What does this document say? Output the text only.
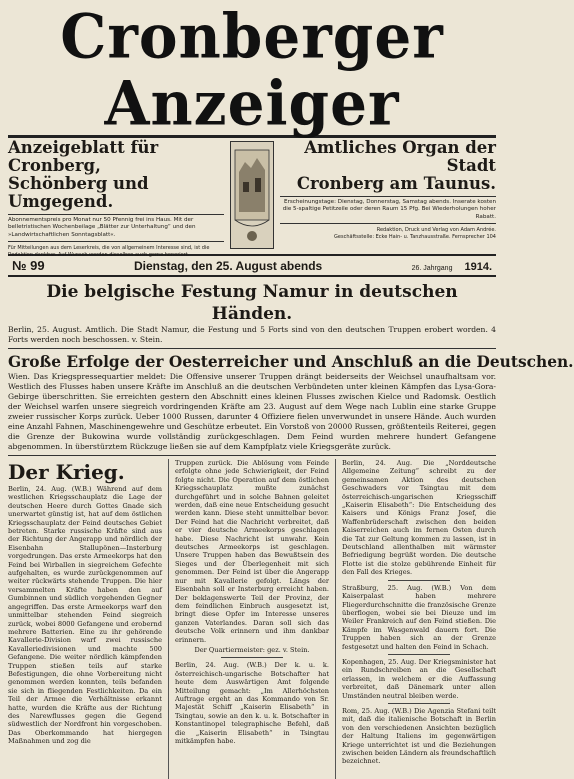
Cronberger Anzeiger
Anzeigeblatt für Cronberg,
Schönberg und Umgegend.
Abonnementspreis pro Monat nur 50 Pfennig frei ins Haus. Mit der belletristischen Wochenbeilage „Blätter zur Unterhaltung“ und den »Landwirtschaftlichen Sonntagsblatt«.
Für Mitteilungen aus dem Leserkreis, die von allgemeinem Interesse sind, ist die Redaktion dankbar. Auf Wunsch werden dieselben auch gerne honoriert.
Amtliches Organ der Stadt
Cronberg am Taunus.
Erscheinungstage: Dienstag, Donnerstag, Samstag abends. Inserate kosten die 5-spaltige Petitzeile oder deren Raum 15 Pfg. Bei Wiederholungen hoher Rabatt.
Redaktion, Druck und Verlag von Adam Andrée.
Geschäftsstelle: Ecke Hain- u. Tanzhausstraße. Fernsprecher 104
№ 99	Dienstag, den 25. August abends	26. Jahrgang 1914.
Die belgische Festung Namur in deutschen Händen.
Berlin, 25. August. Amtlich. Die Stadt Namur, die Festung und 5 Forts sind von den deutschen Truppen erobert worden. 4 Forts werden noch beschossen. v. Stein.
Große Erfolge der Oesterreicher und Anschluß an die Deutschen.
Wien. Das Kriegspressequartier meldet: Die Offensive unserer Truppen drängt beiderseits der Weichsel unaufhaltsam vor. Westlich des Flusses haben unsere Kräfte im Anschluß an die deutschen Verbündeten unter kleinen Kämpfen das Lysa-Gora-Gebirge überschritten. Sie erreichten gestern den Abschnitt eines kleinen Flusses zwischen Kielce und Radomsk. Oestlich der Weichsel warfen unsere siegreich vordringenden Kräfte am 23. August auf dem Wege nach Lublin eine starke Gruppe zweier russischer Korps zurück. Ueber 1000 Russen, darunter 4 Offiziere fielen unverwundet in unsere Hände. Auch wurden eine Anzahl Fahnen, Maschinengewehre und Geschütze erbeutet. Ein Vorstoß von 20000 Russen, größtenteils Reiterei, gegen die Grenze der Bukowina wurde vollständig zurückgeschlagen. Dem Feind wurden mehrere hundert Gefangene abgenommen. In überstürztem Rückzuge ließen sie auf dem Kampfplatz viele Kriegsgeräte zurück.
Der Krieg.
Berlin, 24. Aug. (W.B.) Während auf dem westlichen Kriegsschauplatz die Lage der deutschen Heere durch Gottes Gnade sich unerwartet günstig ist, hat auf dem östlichen Kriegsschauplatz der Feind deutsches Gebiet betreten. Starke russische Kräfte sind aus der Richtung der Angerapp und nördlich der Eisenbahn Stallupönen—Insterburg vorgedrungen. Das erste Armeekorps hat den Feind bei Wirballen in siegreichem Gefechte aufgehalten, es wurde zurückgenommen auf weiter rückwärts stehende Truppen. Die hier versammelten Kräfte haben den auf Gumbinnen und südlich vorgehenden Gegner angegriffen. Das erste Armeekorps warf den unmittelbar stehenden Feind siegreich zurück, wobei 8000 Gefangene und erobernd mehrere Batterien. Eine zu ihr gehörende Kavallerie-Division warf zwei russische Kavalleriedivisionen und machte 500 Gefangene. Die weiter nördlich kämpfenden Truppen stießen teils auf starke Befestigungen, die ohne Vorbereitung nicht genommen werden konnten, teils befanden sie sich in fliegenden Festlichkeiten. Da ein Teil der Armee die Verhältnisse erkannt hatte, wurden die Kräfte aus der Richtung des Narewflusses gegen die Gegend südwestlich der Nordfront hin vorgeschoben. Das Oberkommando hat hiergegen Maßnahmen und zog die
Truppen zurück. Die Ablösung vom Feinde erfolgte ohne jede Schwierigkeit, der Feind folgte nicht. Die Operation auf dem östlichen Kriegsschauplatz mußte zunächst durchgeführt und in solche Bahnen geleitet werden, daß eine neue Entscheidung gesucht werden kann. Diese steht unmittelbar bevor. Der Feind hat die Nachricht verbreitet, daß er vier deutsche Armeekorps geschlagen habe. Diese Nachricht ist unwahr. Kein deutsches Armeekorps ist geschlagen. Unsere Truppen haben das Bewußtsein des Sieges und der Überlegenheit mit sich genommen. Der Feind ist über die Angerapp nur mit Kavallerie gefolgt. Längs der Eisenbahn soll er Insterburg erreicht haben. Der beklagenswerte Teil der Provinz, der dem feindlichen Einbruch ausgesetzt ist, bringt diese Opfer im Interesse unseres ganzen Vaterlandes. Daran soll sich das deutsche Volk erinnern und ihm dankbar erinnern.
Der Quartiermeister: gez. v. Stein.
Berlin, 24. Aug. (W.B.) Der k. u. k. österreichisch-ungarische Botschafter hat heute dem Auswärtigen Amt folgende Mitteilung gemacht: „Im Allerhöchsten Auftrage ergeht an das Kommando von Sr. Majestät Schiff „Kaiserin Elisabeth“ in Tsingtau, sowie an den k. u. k. Botschafter in Konstantinopel telegraphische Befehl, daß die „Kaiserin Elisabeth“ in Tsingtau mitkämpfen habe.
Berlin, 24. Aug. Die „Norddeutsche Allgemeine Zeitung“ schreibt zu der gemeinsamen Aktion des deutschen Geschwaders vor Tsingtau mit dem österreichisch-ungarischen Kriegsschiff „Kaiserin Elisabeth“: Die Entscheidung des Kaisers und Königs Franz Josef, die Waffenbrüderschaft zwischen den beiden Kaiserreichen auch im fernen Osten durch die Tat zur Geltung kommen zu lassen, ist in Deutschland allenthalben mit wärmster Befriedigung begrüßt worden. Die deutsche Flotte ist die stolze gebührende Einheit für den Fall des Krieges.
Straßburg, 25. Aug. (W.B.) Von dem Kaiserpalast haben mehrere Fliegerdurchschnitte die französische Grenze überflogen, wobei sie bei Dieuze und im Weiler Frankreich auf den Feind stießen. Die Kämpfe im Wasgenwald dauern fort. Die Truppen haben sich an der Grenze festgesetzt und halten den Feind in Schach.
Kopenhagen, 25. Aug. Der Kriegsminister hat ein Rundschreiben an die Gesellschaft erlassen, in welchem er die Auffassung verbreitet, daß Dänemark unter allen Umständen neutral bleiben werde.
Rom, 25. Aug. (W.B.) Die Agenzia Stefani teilt mit, daß die italienische Botschaft in Berlin von den verschiedenen Ansichten bezüglich der Haltung Italiens im gegenwärtigen Kriege unterrichtet ist und die Beziehungen zwischen beiden Ländern als freundschaftlich bezeichnet.
